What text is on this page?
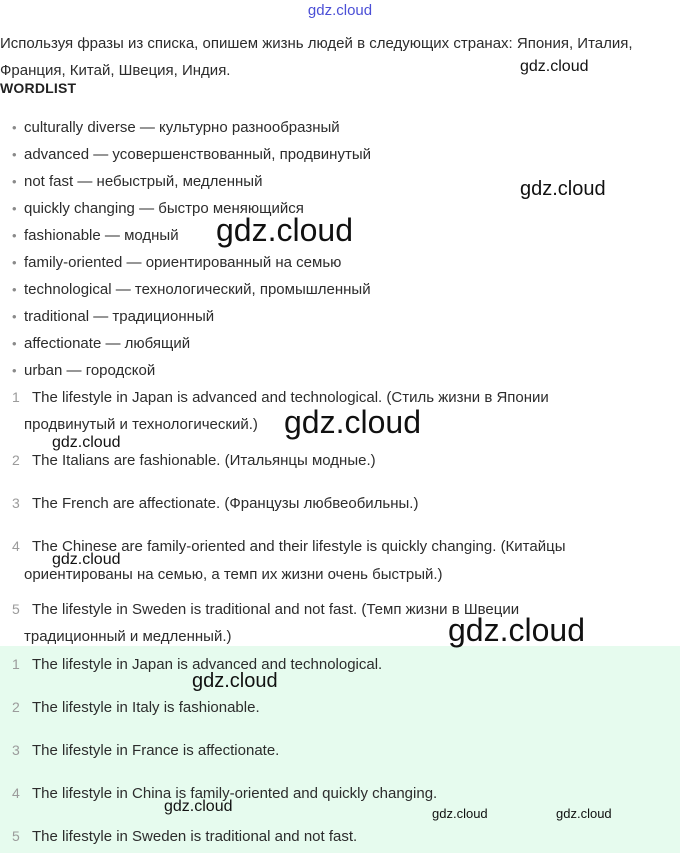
gdz.cloud
Используя фразы из списка, опишем жизнь людей в следующих странах: Япония, Италия, Франция, Китай, Швеция, Индия.
WORDLIST
• culturally diverse — культурно разнообразный
• advanced — усовершенствованный, продвинутый
• not fast — небыстрый, медленный
• quickly changing — быстро меняющийся
• fashionable — модный
• family-oriented — ориентированный на семью
• technological — технологический, промышленный
• traditional — традиционный
• affectionate — любящий
• urban — городской
1 The lifestyle in Japan is advanced and technological. (Стиль жизни в Японии
продвинутый и технологический.)
2 The Italians are fashionable. (Итальянцы модные.)
3 The French are affectionate. (Французы любвеобильны.)
4 The Chinese are family-oriented and their lifestyle is quickly changing. (Китайцы
ориентированы на семью, а темп их жизни очень быстрый.)
5 The lifestyle in Sweden is traditional and not fast. (Темп жизни в Швеции
традиционный и медленный.)
1 The lifestyle in Japan is advanced and technological.
2 The lifestyle in Italy is fashionable.
3 The lifestyle in France is affectionate.
4 The lifestyle in China is family-oriented and quickly changing.
5 The lifestyle in Sweden is traditional and not fast.
gdz.cloud
gdz.cloud
gdz.cloud
gdz.cloud
gdz.cloud
gdz.cloud
gdz.cloud
gdz.cloud
gdz.cloud	gdz.cloud	gdz.cloud
